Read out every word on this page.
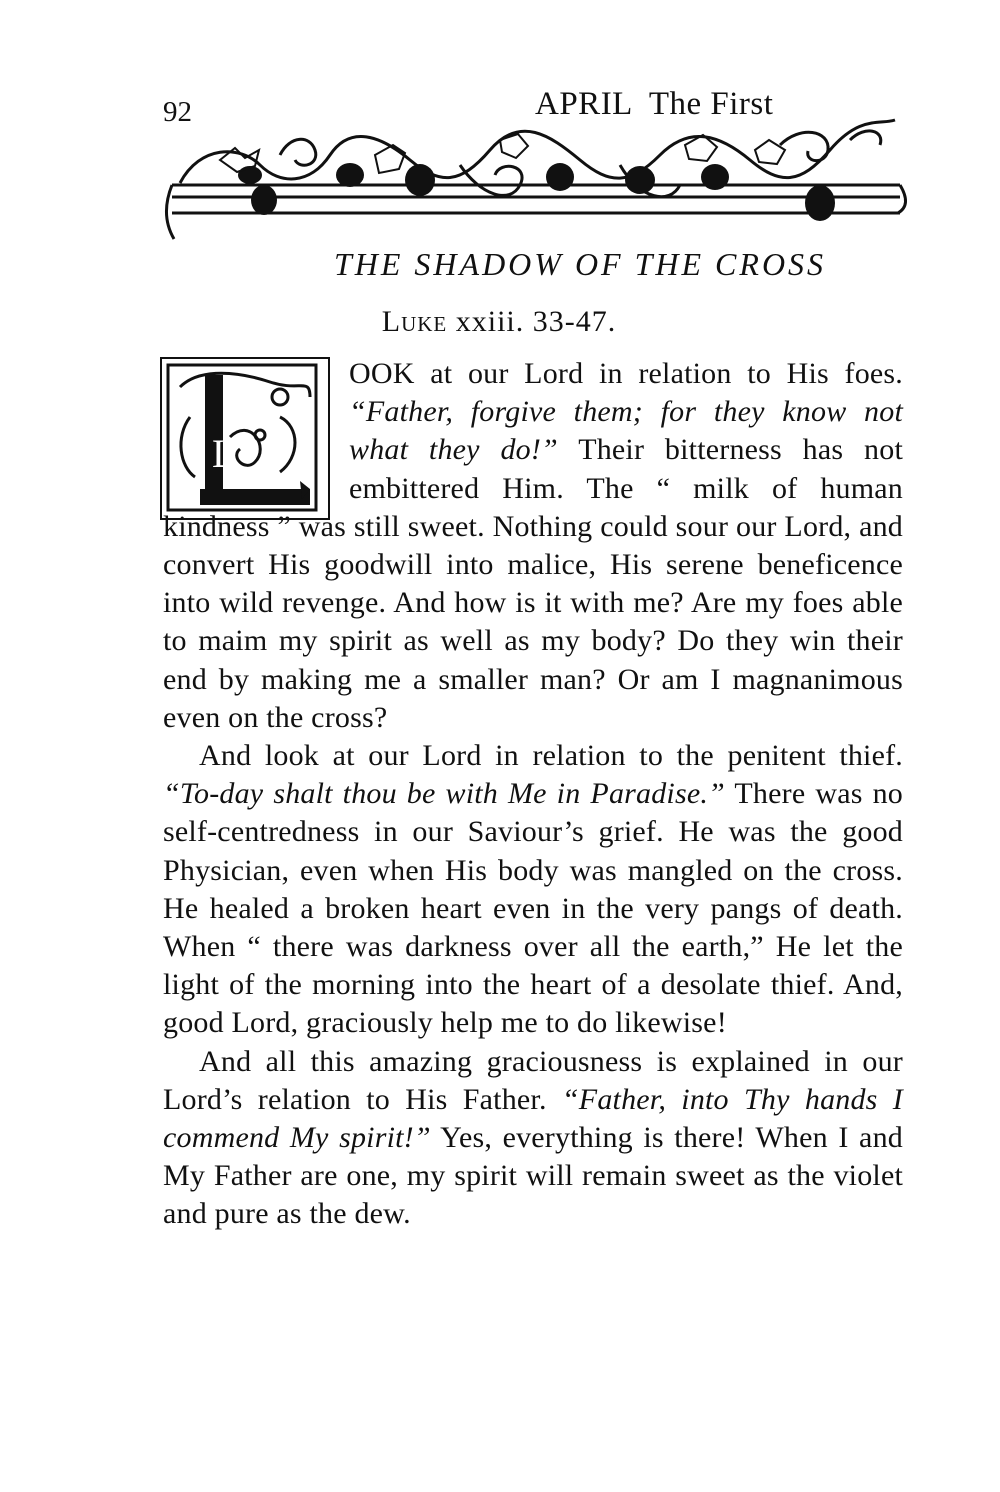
92	APRIL The First
THE SHADOW OF THE CROSS
Luke xxiii. 33-47.
L

OOK at our Lord in relation to His foes. “Father, forgive them; for they know not what they do!” Their bitterness has not embittered Him. The “ milk of human kindness ” was still sweet. Nothing could sour our Lord, and convert His goodwill into malice, His serene beneficence into wild revenge. And how is it with me? Are my foes able to maim my spirit as well as my body? Do they win their end by making me a smaller man? Or am I magnanimous even on the cross?

And look at our Lord in relation to the penitent thief. “To-day shalt thou be with Me in Paradise.” There was no self-centredness in our Saviour’s grief. He was the good Physician, even when His body was mangled on the cross. He healed a broken heart even in the very pangs of death. When “ there was darkness over all the earth,” He let the light of the morning into the heart of a desolate thief. And, good Lord, graciously help me to do likewise!

And all this amazing graciousness is explained in our Lord’s relation to His Father. “Father, into Thy hands I commend My spirit!” Yes, everything is there! When I and My Father are one, my spirit will remain sweet as the violet and pure as the dew.
